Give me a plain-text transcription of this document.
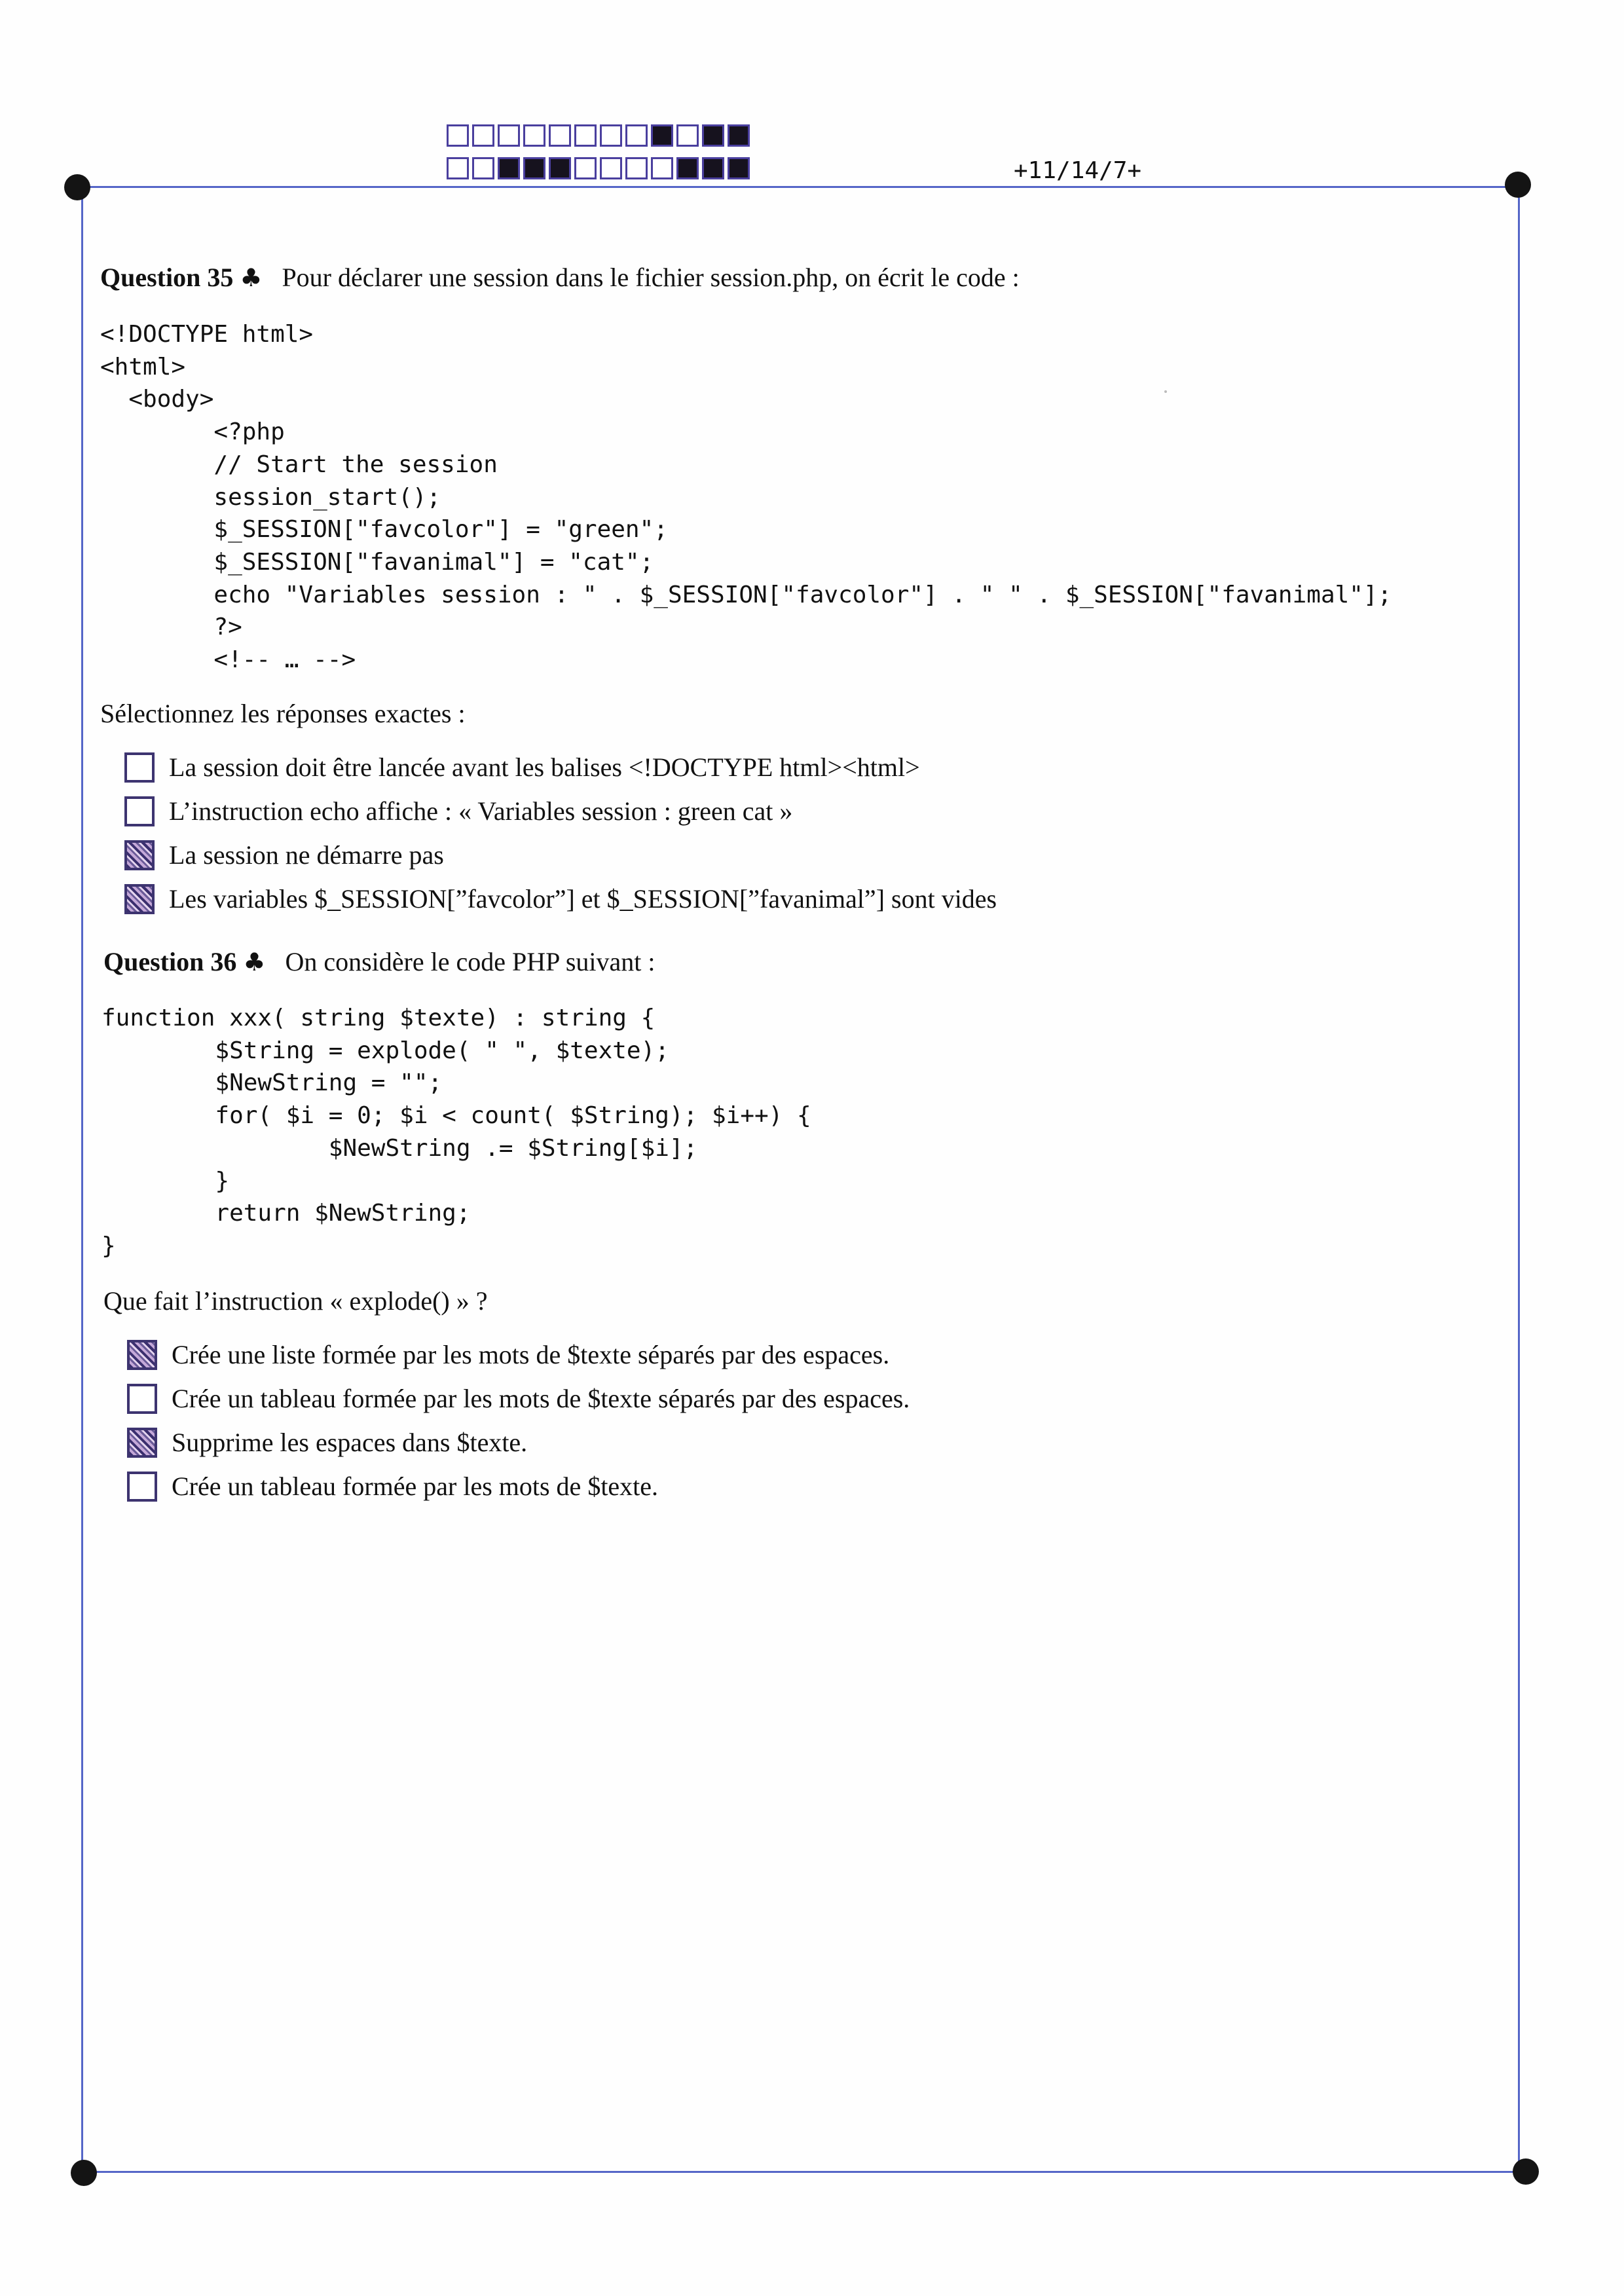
+11/14/7+
Question 35 ♣ Pour déclarer une session dans le fichier session.php, on écrit le code :
<!DOCTYPE html>
<html>
<body>
<?php
// Start the session
session_start();
$_SESSION["favcolor"] = "green";
$_SESSION["favanimal"] = "cat";
echo "Variables session : " . $_SESSION["favcolor"] . " " . $_SESSION["favanimal"];
?>
<!-- … -->
Sélectionnez les réponses exactes :
La session doit être lancée avant les balises <!DOCTYPE html><html>
L’instruction echo affiche : « Variables session : green cat »
La session ne démarre pas
Les variables $_SESSION[”favcolor”] et $_SESSION[”favanimal”] sont vides
Question 36 ♣ On considère le code PHP suivant :
function xxx( string $texte) : string {
$String = explode( " ", $texte);
$NewString = "";
for( $i = 0; $i < count( $String); $i++) {
$NewString .= $String[$i];
}
return $NewString;
}
Que fait l’instruction « explode() » ?
Crée une liste formée par les mots de $texte séparés par des espaces.
Crée un tableau formée par les mots de $texte séparés par des espaces.
Supprime les espaces dans $texte.
Crée un tableau formée par les mots de $texte.
